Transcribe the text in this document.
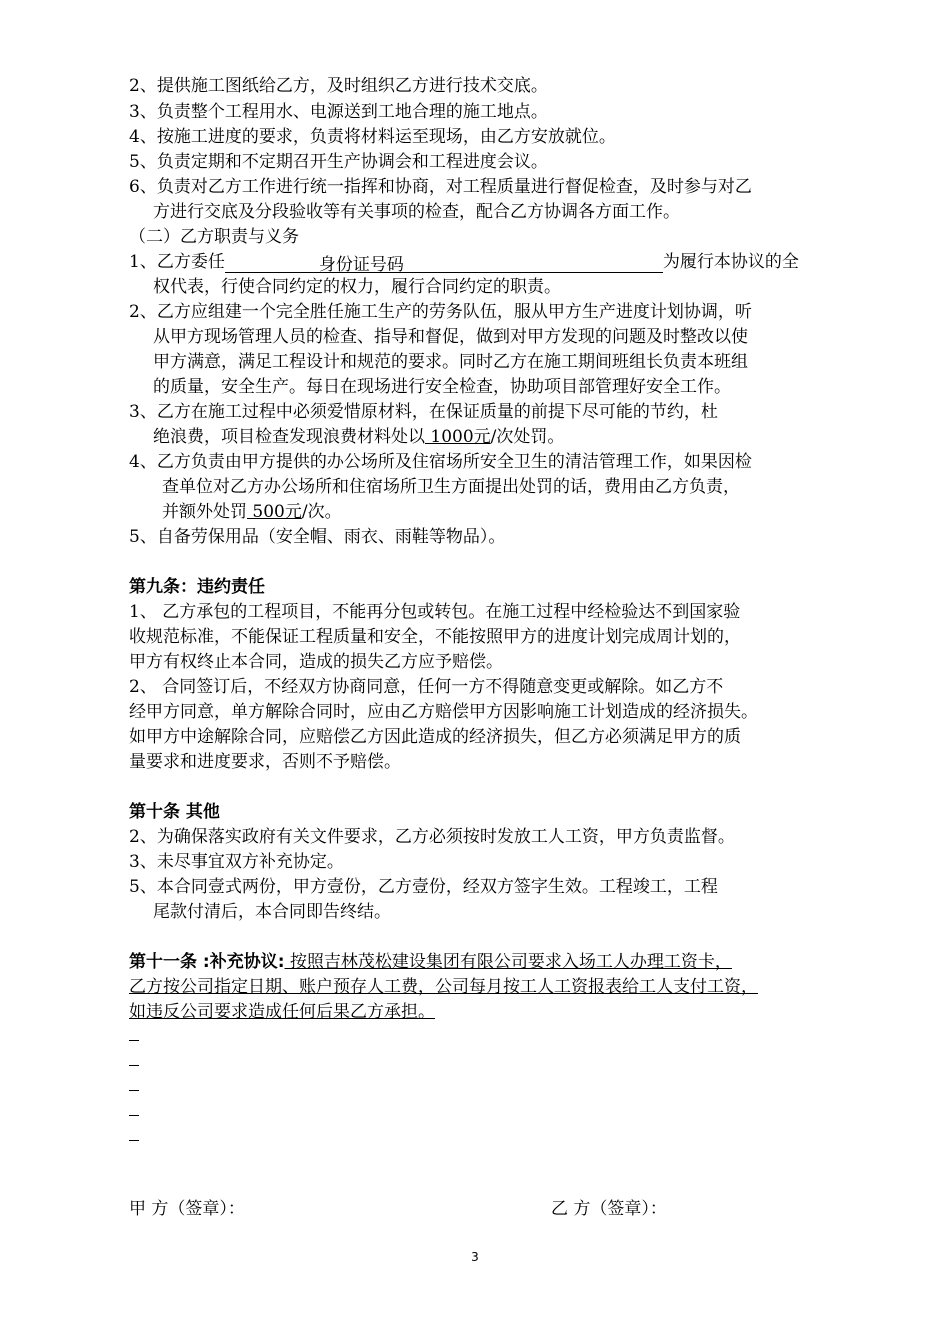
2、提供施工图纸给乙方，及时组织乙方进行技术交底。
3、负责整个工程用水、电源送到工地合理的施工地点。
4、按施工进度的要求，负责将材料运至现场，由乙方安放就位。
5、负责定期和不定期召开生产协调会和工程进度会议。
6、负责对乙方工作进行统一指挥和协商，对工程质量进行督促检查，及时参与对乙
方进行交底及分段验收等有关事项的检查，配合乙方协调各方面工作。
（二）乙方职责与义务
1、乙方委任	身份证号码	为履行本协议的全
权代表，行使合同约定的权力，履行合同约定的职责。
2、乙方应组建一个完全胜任施工生产的劳务队伍，服从甲方生产进度计划协调，听
从甲方现场管理人员的检查、指导和督促，做到对甲方发现的问题及时整改以使
甲方满意，满足工程设计和规范的要求。同时乙方在施工期间班组长负责本班组
的质量，安全生产。每日在现场进行安全检查，协助项目部管理好安全工作。
3、乙方在施工过程中必须爱惜原材料，在保证质量的前提下尽可能的节约，杜
绝浪费，项目检查发现浪费材料处以 1000元/次处罚。
4、乙方负责由甲方提供的办公场所及住宿场所安全卫生的清洁管理工作，如果因检
查单位对乙方办公场所和住宿场所卫生方面提出处罚的话，费用由乙方负责，
并额外处罚 500元/次。
5、自备劳保用品（安全帽、雨衣、雨鞋等物品）。
第九条：违约责任
1、 乙方承包的工程项目，不能再分包或转包。在施工过程中经检验达不到国家验
收规范标准，不能保证工程质量和安全，不能按照甲方的进度计划完成周计划的，
甲方有权终止本合同，造成的损失乙方应予赔偿。
2、 合同签订后，不经双方协商同意，任何一方不得随意变更或解除。如乙方不
经甲方同意，单方解除合同时，应由乙方赔偿甲方因影响施工计划造成的经济损失。
如甲方中途解除合同，应赔偿乙方因此造成的经济损失，但乙方必须满足甲方的质
量要求和进度要求，否则不予赔偿。
第十条 其他
2、为确保落实政府有关文件要求，乙方必须按时发放工人工资，甲方负责监督。
3、未尽事宜双方补充协定。
5、本合同壹式两份，甲方壹份，乙方壹份，经双方签字生效。工程竣工，工程
尾款付清后，本合同即告终结。
第十一条 :补充协议: 按照吉林茂松建设集团有限公司要求入场工人办理工资卡，
乙方按公司指定日期、账户预存人工费，公司每月按工人工资报表给工人支付工资，
如违反公司要求造成任何后果乙方承担。
甲 方（签章）：	乙 方（签章）：
3
